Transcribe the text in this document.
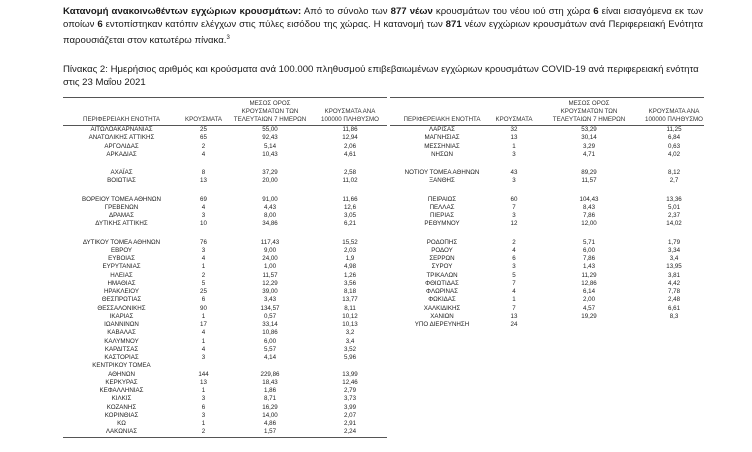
Κατανομή ανακοινωθέντων εγχώριων κρουσμάτων: Από το σύνολο των 877 νέων κρουσμάτων του νέου ιού στη χώρα 6 είναι εισαγόμενα εκ των οποίων 6 εντοπίστηκαν κατόπιν ελέγχων στις πύλες εισόδου της χώρας. Η κατανομή των 871 νέων εγχώριων κρουσμάτων ανά Περιφερειακή Ενότητα παρουσιάζεται στον κατωτέρω πίνακα.$^3$
Πίνακας 2: Ημερήσιος αριθμός και κρούσματα ανά 100.000 πληθυσμού επιβεβαιωμένων εγχώριων κρουσμάτων COVID-19 ανά περιφερειακή ενότητα στις 23 Μαΐου 2021
ΠΕΡΙΦΕΡΕΙΑΚΗ ΕΝΟΤΗΤΑ	ΚΡΟΥΣΜΑΤΑ
ΜΕΣΟΣ ΟΡΟΣ
ΚΡΟΥΣΜΑΤΩΝ ΤΩΝ
ΤΕΛΕΥΤΑΙΩΝ 7 ΗΜΕΡΩΝ
ΚΡΟΥΣΜΑΤΑ ΑΝΑ
100000 ΠΛΗΘΥΣΜΟ
ΑΙΤΩΛΟΑΚΑΡΝΑΝΙΑΣ	25	55,00	11,86
ΑΝΑΤΟΛΙΚΗΣ ΑΤΤΙΚΗΣ	65	92,43	12,94
ΑΡΓΟΛΙΔΑΣ	2	5,14	2,06
ΑΡΚΑΔΙΑΣ	4	10,43	4,61
ΑΧΑΪΑΣ	8	37,29	2,58
ΒΟΙΩΤΙΑΣ	13	20,00	11,02
ΒΟΡΕΙΟΥ ΤΟΜΕΑ ΑΘΗΝΩΝ	69	91,00	11,66
ΓΡΕΒΕΝΩΝ	4	4,43	12,6
ΔΡΑΜΑΣ	3	8,00	3,05
ΔΥΤΙΚΗΣ ΑΤΤΙΚΗΣ	10	34,86	6,21
ΔΥΤΙΚΟΥ ΤΟΜΕΑ ΑΘΗΝΩΝ	76	117,43	15,52
ΕΒΡΟΥ	3	9,00	2,03
ΕΥΒΟΙΑΣ	4	24,00	1,9
ΕΥΡΥΤΑΝΙΑΣ	1	1,00	4,98
ΗΛΕΙΑΣ	2	11,57	1,26
ΗΜΑΘΙΑΣ	5	12,29	3,56
ΗΡΑΚΛΕΙΟΥ	25	39,00	8,18
ΘΕΣΠΡΩΤΙΑΣ	6	3,43	13,77
ΘΕΣΣΑΛΟΝΙΚΗΣ	90	134,57	8,11
ΙΚΑΡΙΑΣ	1	0,57	10,12
ΙΩΑΝΝΙΝΩΝ	17	33,14	10,13
ΚΑΒΑΛΑΣ	4	10,86	3,2
ΚΑΛΥΜΝΟΥ	1	6,00	3,4
ΚΑΡΔΙΤΣΑΣ	4	5,57	3,52
ΚΑΣΤΟΡΙΑΣ	3	4,14	5,96
ΚΕΝΤΡΙΚΟΥ ΤΟΜΕΑ
ΑΘΗΝΩΝ	144	229,86	13,99
ΚΕΡΚΥΡΑΣ	13	18,43	12,46
ΚΕΦΑΛΛΗΝΙΑΣ	1	1,86	2,79
ΚΙΛΚΙΣ	3	8,71	3,73
ΚΟΖΑΝΗΣ	6	16,29	3,99
ΚΟΡΙΝΘΙΑΣ	3	14,00	2,07
ΚΩ	1	4,86	2,91
ΛΑΚΩΝΙΑΣ	2	1,57	2,24
ΠΕΡΙΦΕΡΕΙΑΚΗ ΕΝΟΤΗΤΑ	ΚΡΟΥΣΜΑΤΑ
ΜΕΣΟΣ ΟΡΟΣ
ΚΡΟΥΣΜΑΤΩΝ ΤΩΝ
ΤΕΛΕΥΤΑΙΩΝ 7 ΗΜΕΡΩΝ
ΚΡΟΥΣΜΑΤΑ ΑΝΑ
100000 ΠΛΗΘΥΣΜΟ
ΛΑΡΙΣΑΣ	32	53,29	11,25
ΜΑΓΝΗΣΙΑΣ	13	30,14	6,84
ΜΕΣΣΗΝΙΑΣ	1	3,29	0,63
ΝΗΣΩΝ	3	4,71	4,02
ΝΟΤΙΟΥ ΤΟΜΕΑ ΑΘΗΝΩΝ	43	89,29	8,12
ΞΑΝΘΗΣ	3	11,57	2,7
ΠΕΙΡΑΙΩΣ	60	104,43	13,36
ΠΕΛΛΑΣ	7	8,43	5,01
ΠΙΕΡΙΑΣ	3	7,86	2,37
ΡΕΘΥΜΝΟΥ	12	12,00	14,02
ΡΟΔΟΠΗΣ	2	5,71	1,79
ΡΟΔΟΥ	4	6,00	3,34
ΣΕΡΡΩΝ	6	7,86	3,4
ΣΥΡΟΥ	3	1,43	13,95
ΤΡΙΚΑΛΩΝ	5	11,29	3,81
ΦΘΙΩΤΙΔΑΣ	7	12,86	4,42
ΦΛΩΡΙΝΑΣ	4	6,14	7,78
ΦΩΚΙΔΑΣ	1	2,00	2,48
ΧΑΛΚΙΔΙΚΗΣ	7	4,57	6,61
ΧΑΝΙΩΝ	13	19,29	8,3
ΥΠΟ ΔΙΕΡΕΥΝΗΣΗ	24
